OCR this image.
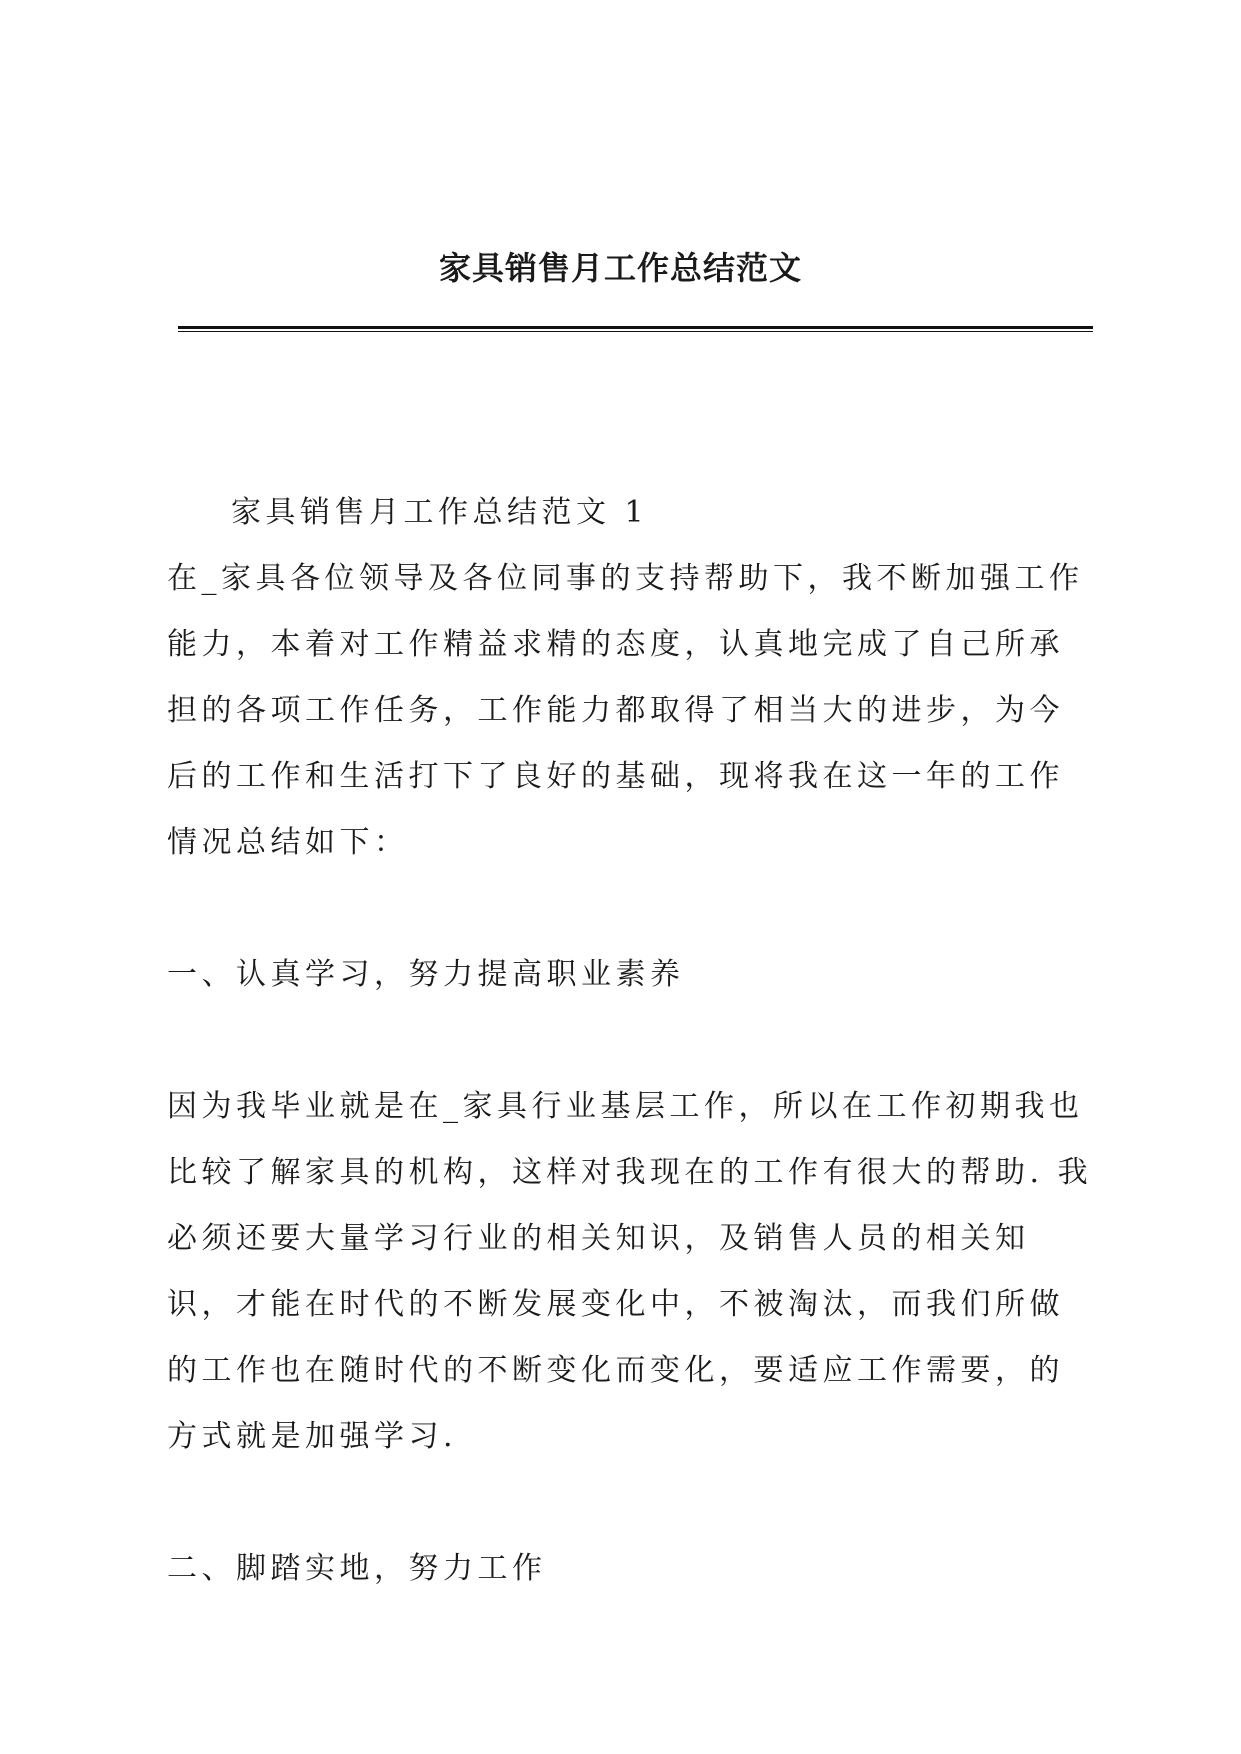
家具销售月工作总结范文

家具销售月工作总结范文 1

在_家具各位领导及各位同事的支持帮助下，我不断加强工作能力，本着对工作精益求精的态度，认真地完成了自己所承担的各项工作任务，工作能力都取得了相当大的进步，为今后的工作和生活打下了良好的基础，现将我在这一年的工作情况总结如下：

一、认真学习，努力提高职业素养

因为我毕业就是在_家具行业基层工作，所以在工作初期我也比较了解家具的机构，这样对我现在的工作有很大的帮助. 我必须还要大量学习行业的相关知识，及销售人员的相关知识，才能在时代的不断发展变化中，不被淘汰，而我们所做的工作也在随时代的不断变化而变化，要适应工作需要，的方式就是加强学习.

二、脚踏实地，努力工作
